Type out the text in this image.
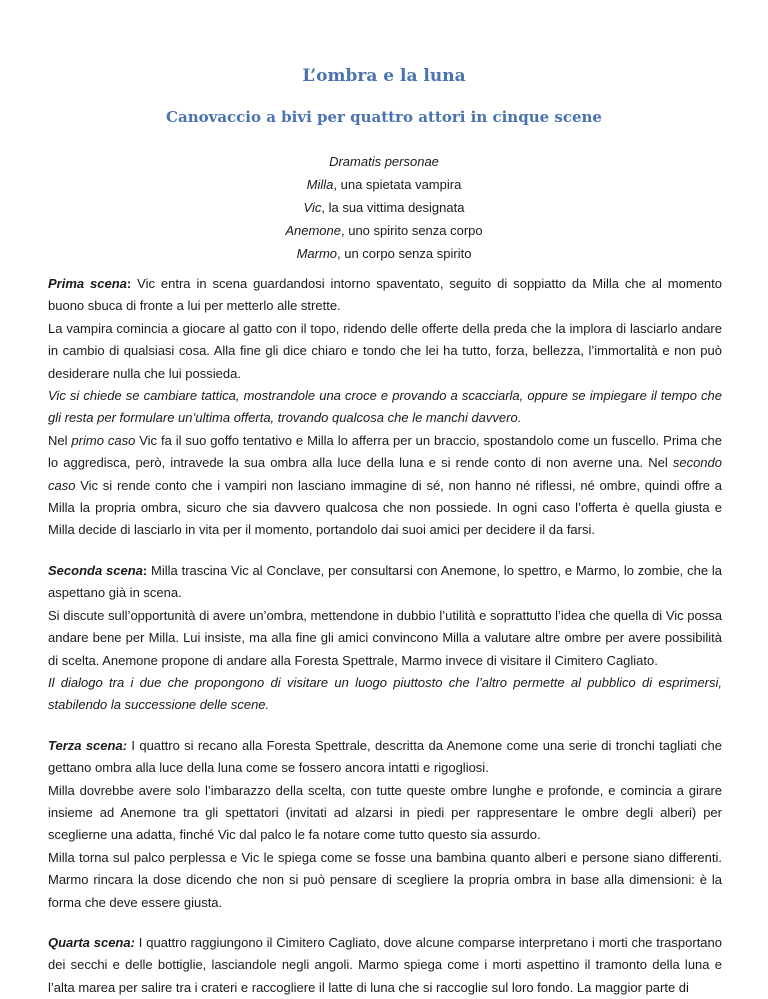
L’ombra e la luna
Canovaccio a bivi per quattro attori in cinque scene
Dramatis personae
Milla, una spietata vampira
Vic, la sua vittima designata
Anemone, uno spirito senza corpo
Marmo, un corpo senza spirito

Prima scena: Vic entra in scena guardandosi intorno spaventato, seguito di soppiatto da Milla che al momento buono sbuca di fronte a lui per metterlo alle strette.

La vampira comincia a giocare al gatto con il topo, ridendo delle offerte della preda che la implora di lasciarlo andare in cambio di qualsiasi cosa. Alla fine gli dice chiaro e tondo che lei ha tutto, forza, bellezza, l’immortalità e non può desiderare nulla che lui possieda.

Vic si chiede se cambiare tattica, mostrandole una croce e provando a scacciarla, oppure se impiegare il tempo che gli resta per formulare un’ultima offerta, trovando qualcosa che le manchi davvero.

Nel primo caso Vic fa il suo goffo tentativo e Milla lo afferra per un braccio, spostandolo come un fuscello. Prima che lo aggredisca, però, intravede la sua ombra alla luce della luna e si rende conto di non averne una. Nel secondo caso Vic si rende conto che i vampiri non lasciano immagine di sé, non hanno né riflessi, né ombre, quindi offre a Milla la propria ombra, sicuro che sia davvero qualcosa che non possiede. In ogni caso l’offerta è quella giusta e Milla decide di lasciarlo in vita per il momento, portandolo dai suoi amici per decidere il da farsi.

Seconda scena: Milla trascina Vic al Conclave, per consultarsi con Anemone, lo spettro, e Marmo, lo zombie, che la aspettano già in scena.

Si discute sull’opportunità di avere un’ombra, mettendone in dubbio l’utilità e soprattutto l’idea che quella di Vic possa andare bene per Milla. Lui insiste, ma alla fine gli amici convincono Milla a valutare altre ombre per avere possibilità di scelta. Anemone propone di andare alla Foresta Spettrale, Marmo invece di visitare il Cimitero Cagliato.

Il dialogo tra i due che propongono di visitare un luogo piuttosto che l’altro permette al pubblico di esprimersi, stabilendo la successione delle scene.

Terza scena: I quattro si recano alla Foresta Spettrale, descritta da Anemone come una serie di tronchi tagliati che gettano ombra alla luce della luna come se fossero ancora intatti e rigogliosi.

Milla dovrebbe avere solo l’imbarazzo della scelta, con tutte queste ombre lunghe e profonde, e comincia a girare insieme ad Anemone tra gli spettatori (invitati ad alzarsi in piedi per rappresentare le ombre degli alberi) per sceglierne una adatta, finché Vic dal palco le fa notare come tutto questo sia assurdo.

Milla torna sul palco perplessa e Vic le spiega come se fosse una bambina quanto alberi e persone siano differenti. Marmo rincara la dose dicendo che non si può pensare di scegliere la propria ombra in base alla dimensioni: è la forma che deve essere giusta.

Quarta scena: I quattro raggiungono il Cimitero Cagliato, dove alcune comparse interpretano i morti che trasportano dei secchi e delle bottiglie, lasciandole negli angoli. Marmo spiega come i morti aspettino il tramonto della luna e l’alta marea per salire tra i crateri e raccogliere il latte di luna che si raccoglie sul loro fondo. La maggior parte di
